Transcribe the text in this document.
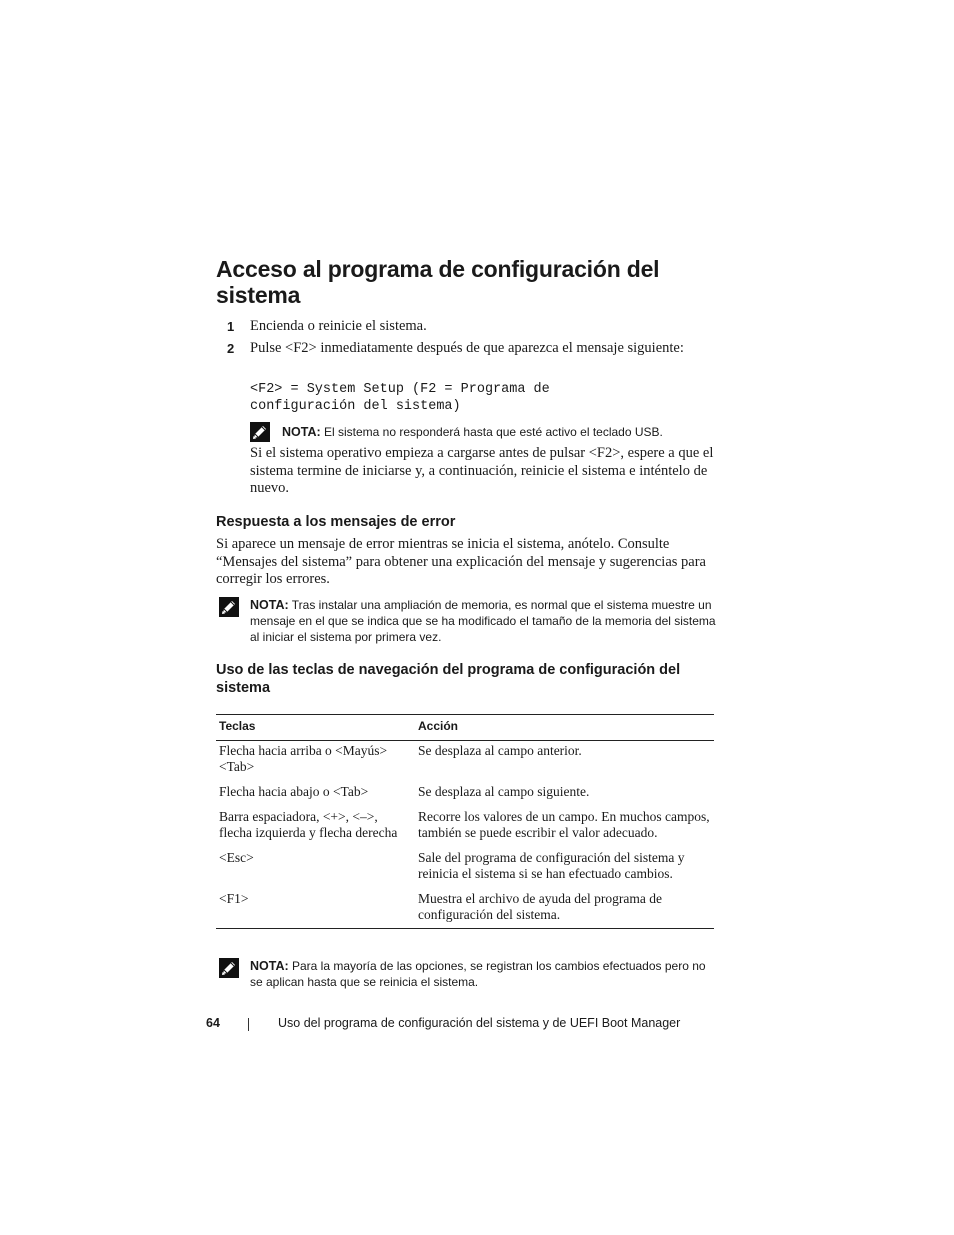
Acceso al programa de configuración del sistema
1 Encienda o reinicie el sistema.
2 Pulse <F2> inmediatamente después de que aparezca el mensaje siguiente:
<F2> = System Setup (F2 = Programa de
configuración del sistema)
NOTA: El sistema no responderá hasta que esté activo el teclado USB.
Si el sistema operativo empieza a cargarse antes de pulsar <F2>, espere a que el sistema termine de iniciarse y, a continuación, reinicie el sistema e inténtelo de nuevo.
Respuesta a los mensajes de error
Si aparece un mensaje de error mientras se inicia el sistema, anótelo. Consulte “Mensajes del sistema” para obtener una explicación del mensaje y sugerencias para corregir los errores.
NOTA: Tras instalar una ampliación de memoria, es normal que el sistema muestre un mensaje en el que se indica que se ha modificado el tamaño de la memoria del sistema al iniciar el sistema por primera vez.
Uso de las teclas de navegación del programa de configuración del sistema
Teclas	Acción
Flecha hacia arriba o <Mayús><Tab>	Se desplaza al campo anterior.
Flecha hacia abajo o <Tab>	Se desplaza al campo siguiente.
Barra espaciadora, <+>, <–>, flecha izquierda y flecha derecha	Recorre los valores de un campo. En muchos campos, también se puede escribir el valor adecuado.
<Esc>	Sale del programa de configuración del sistema y reinicia el sistema si se han efectuado cambios.
<F1>	Muestra el archivo de ayuda del programa de configuración del sistema.
NOTA: Para la mayoría de las opciones, se registran los cambios efectuados pero no se aplican hasta que se reinicia el sistema.
64	Uso del programa de configuración del sistema y de UEFI Boot Manager
